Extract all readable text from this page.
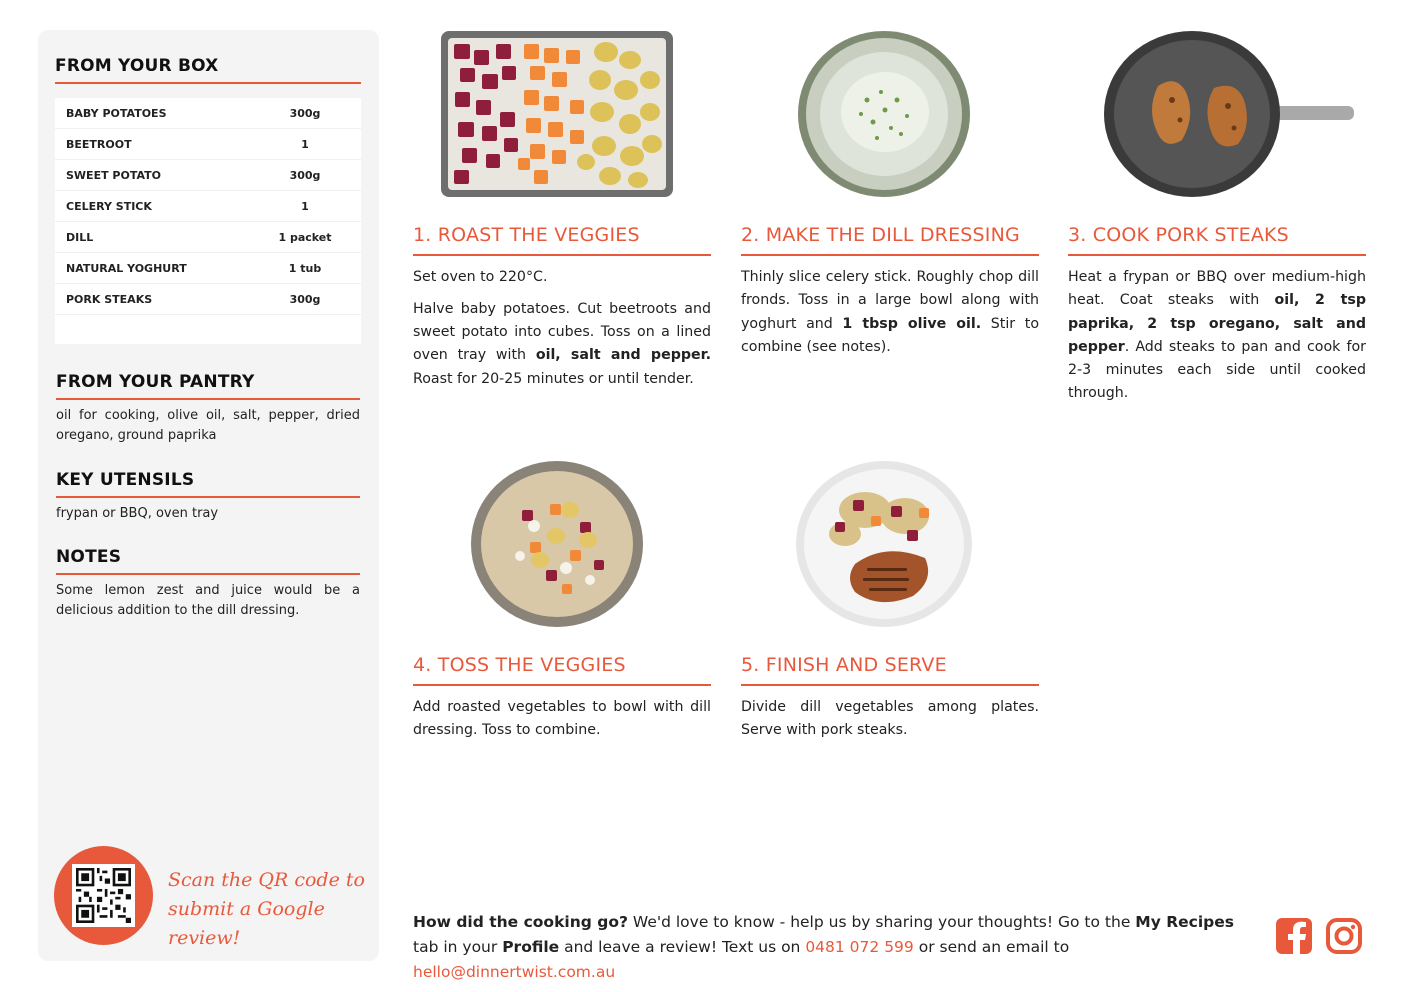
FROM YOUR BOX
BABY POTATOES	300g
BEETROOT	1
SWEET POTATO	300g
CELERY STICK	1
DILL	1 packet
NATURAL YOGHURT	1 tub
PORK STEAKS	300g
FROM YOUR PANTRY
oil for cooking, olive oil, salt, pepper, dried oregano, ground paprika
KEY UTENSILS
frypan or BBQ, oven tray
NOTES
Some lemon zest and juice would be a delicious addition to the dill dressing.
Scan the QR code to
submit a Google review!
1. ROAST THE VEGGIES

Set oven to 220°C.

Halve baby potatoes. Cut beetroots and sweet potato into cubes. Toss on a lined oven tray with oil, salt and pepper. Roast for 20-25 minutes or until tender.

2. MAKE THE DILL DRESSING

Thinly slice celery stick. Roughly chop dill fronds. Toss in a large bowl along with yoghurt and 1 tbsp olive oil. Stir to combine (see notes).

3. COOK PORK STEAKS

Heat a frypan or BBQ over medium-high heat. Coat steaks with oil, 2 tsp paprika, 2 tsp oregano, salt and pepper. Add steaks to pan and cook for 2-3 minutes each side until cooked through.

4. TOSS THE VEGGIES

Add roasted vegetables to bowl with dill dressing. Toss to combine.

5. FINISH AND SERVE

Divide dill vegetables among plates. Serve with pork steaks.

How did the cooking go? We'd love to know - help us by sharing your thoughts! Go to the My Recipes tab in your Profile and leave a review! Text us on 0481 072 599 or send an email to hello@dinnertwist.com.au
